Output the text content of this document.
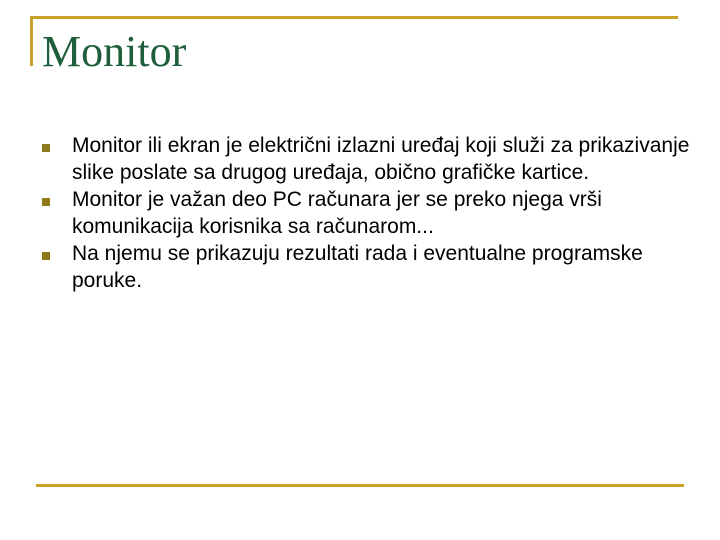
Monitor
Monitor ili ekran je električni izlazni uređaj koji služi za prikazivanje slike poslate sa drugog uređaja, obično grafičke kartice.
Monitor je važan deo PC računara jer se preko njega vrši komunikacija korisnika sa računarom...
Na njemu se prikazuju rezultati rada i eventualne programske poruke.
